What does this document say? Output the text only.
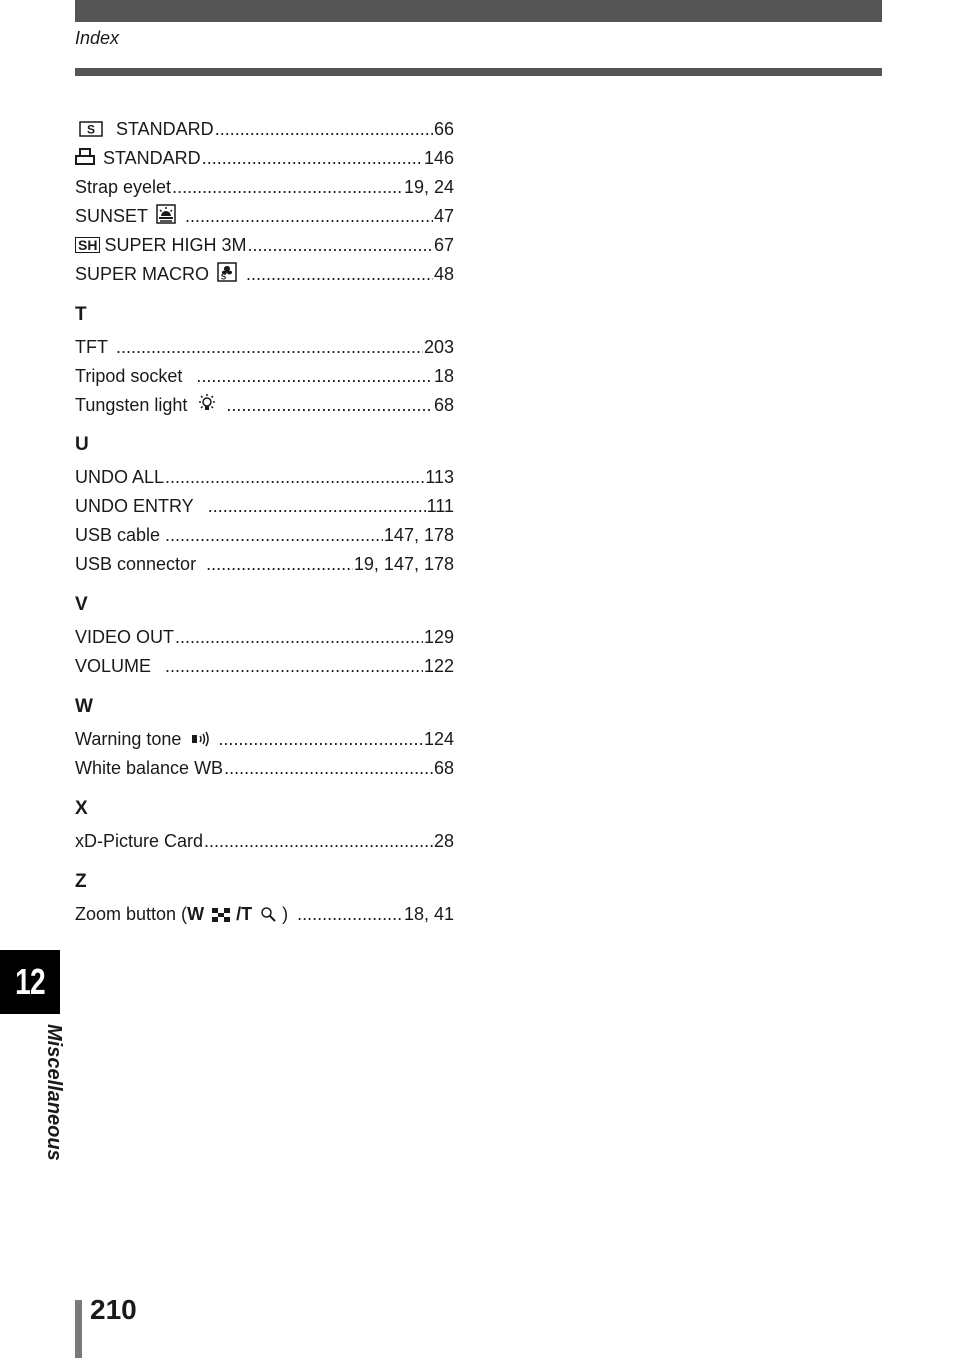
Index
S STANDARD .....	66
STANDARD .....	146
Strap eyelet .....	19, 24
SUNSET .....	47
SH SUPER HIGH 3M .....	67
SUPER MACRO S .....	48
T
TFT .....	203
Tripod socket .....	18
Tungsten light .....	68
U
UNDO ALL .....	113
UNDO ENTRY .....	111
USB cable .....	147, 178
USB connector .....	19, 147, 178
V
VIDEO OUT .....	129
VOLUME .....	122
W
Warning tone .....	124
White balance WB .....	68
X
xD-Picture Card .....	28
Z
Zoom button ( W /T ) .....	18, 41
12
Miscellaneous
210
